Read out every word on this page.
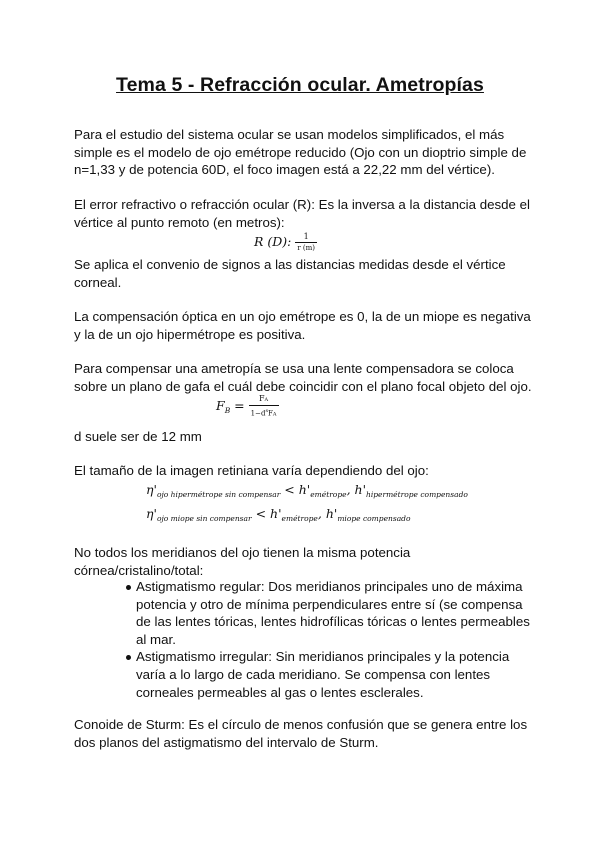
Tema 5 - Refracción ocular. Ametropías

Para el estudio del sistema ocular se usan modelos simplificados, el más simple es el modelo de ojo emétrope reducido (Ojo con un dioptrio simple de n=1,33 y de potencia 60D, el foco imagen está a 22,22 mm del vértice).

El error refractivo o refracción ocular (R): Es la inversa a la distancia desde el vértice al punto remoto (en metros):

R (D): $\frac{1}{r (m)}$

Se aplica el convenio de signos a las distancias medidas desde el vértice corneal.

La compensación óptica en un ojo emétrope es 0, la de un miope es negativa y la de un ojo hipermétrope es positiva.

Para compensar una ametropía se usa una lente compensadora se coloca sobre un plano de gafa el cuál debe coincidir con el plano focal objeto del ojo.

$F_B = \frac{FA}{1-d^sFA}$

d suele ser de 12 mm

El tamaño de la imagen retiniana varía dependiendo del ojo:

$\eta'_{ojo hipermétrope sin compensar} < h'_{emétrope}$, $h'_{hipermétrope compensado}$
$\eta'_{ojo miope sin compensar} < h'_{emétrope}$, $h'_{miope compensado}$

No todos los meridianos del ojo tienen la misma potencia córnea/cristalino/total:

Astigmatismo regular: Dos meridianos principales uno de máxima potencia y otro de mínima perpendiculares entre sí (se compensa de las lentes tóricas, lentes hidrofílicas tóricas o lentes permeables al mar.
Astigmatismo irregular: Sin meridianos principales y la potencia varía a lo largo de cada meridiano. Se compensa con lentes corneales permeables al gas o lentes esclerales.

Conoide de Sturm: Es el círculo de menos confusión que se genera entre los dos planos del astigmatismo del intervalo de Sturm.
